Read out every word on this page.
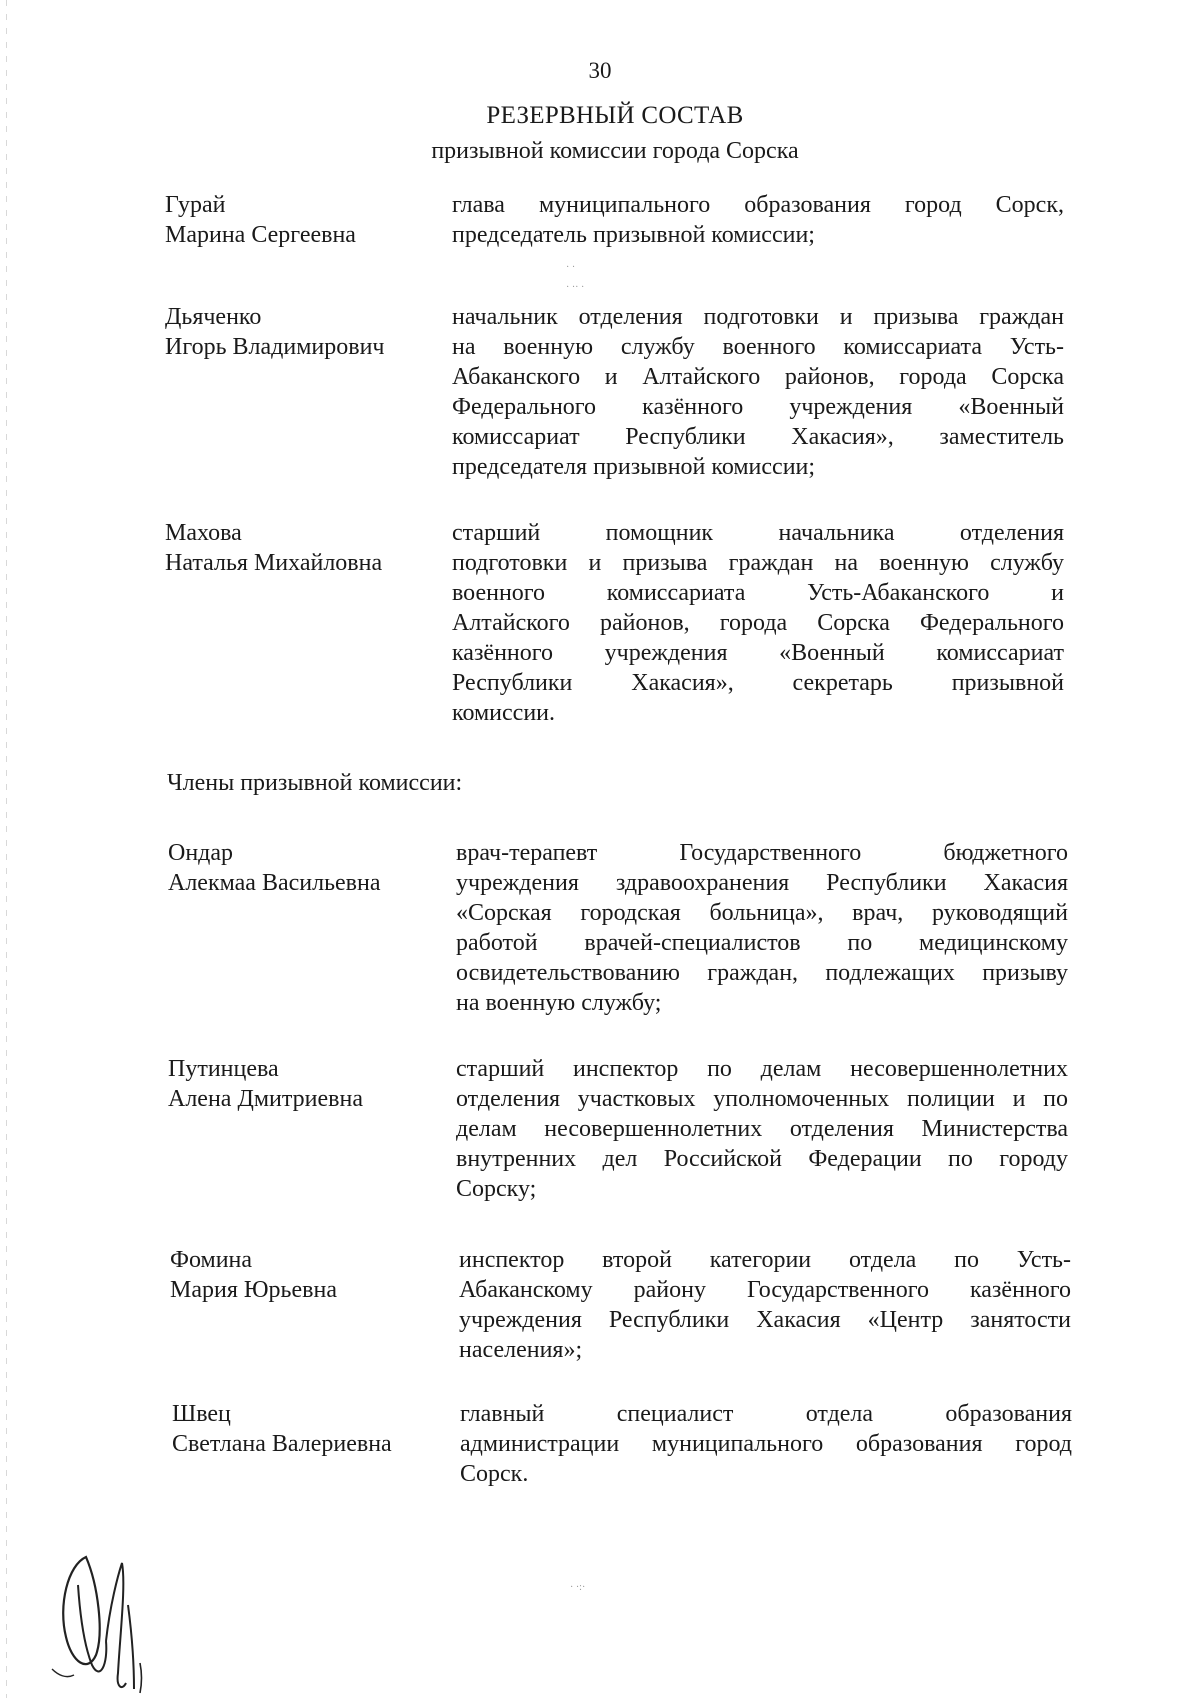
30
РЕЗЕРВНЫЙ СОСТАВ
призывной комиссии города Сорска
Гурай
Марина Сергеевна
глава муниципального образования город Сорск,
председатель призывной комиссии;
Дьяченко
Игорь Владимирович
начальник отделения подготовки и призыва граждан
на военную службу военного комиссариата Усть-
Абаканского и Алтайского районов, города Сорска
Федерального казённого учреждения «Военный
комиссариат Республики Хакасия», заместитель
председателя призывной комиссии;
Махова
Наталья Михайловна
старший помощник начальника отделения
подготовки и призыва граждан на военную службу
военного комиссариата Усть-Абаканского и
Алтайского районов, города Сорска Федерального
казённого учреждения «Военный комиссариат
Республики Хакасия», секретарь призывной
комиссии.
Члены призывной комиссии:
Ондар
Алекмаа Васильевна
врач-терапевт Государственного бюджетного
учреждения здравоохранения Республики Хакасия
«Сорская городская больница», врач, руководящий
работой врачей-специалистов по медицинскому
освидетельствованию граждан, подлежащих призыву
на военную службу;
Путинцева
Алена Дмитриевна
старший инспектор по делам несовершеннолетних
отделения участковых уполномоченных полиции и по
делам несовершеннолетних отделения Министерства
внутренних дел Российской Федерации по городу
Сорску;
Фомина
Мария Юрьевна
инспектор второй категории отдела по Усть-
Абаканскому району Государственного казённого
учреждения Республики Хакасия «Центр занятости
населения»;
Швец
Светлана Валериевна
главный специалист отдела образования
администрации муниципального образования город
Сорск.
· ·
· ·· ·
· ·:·
